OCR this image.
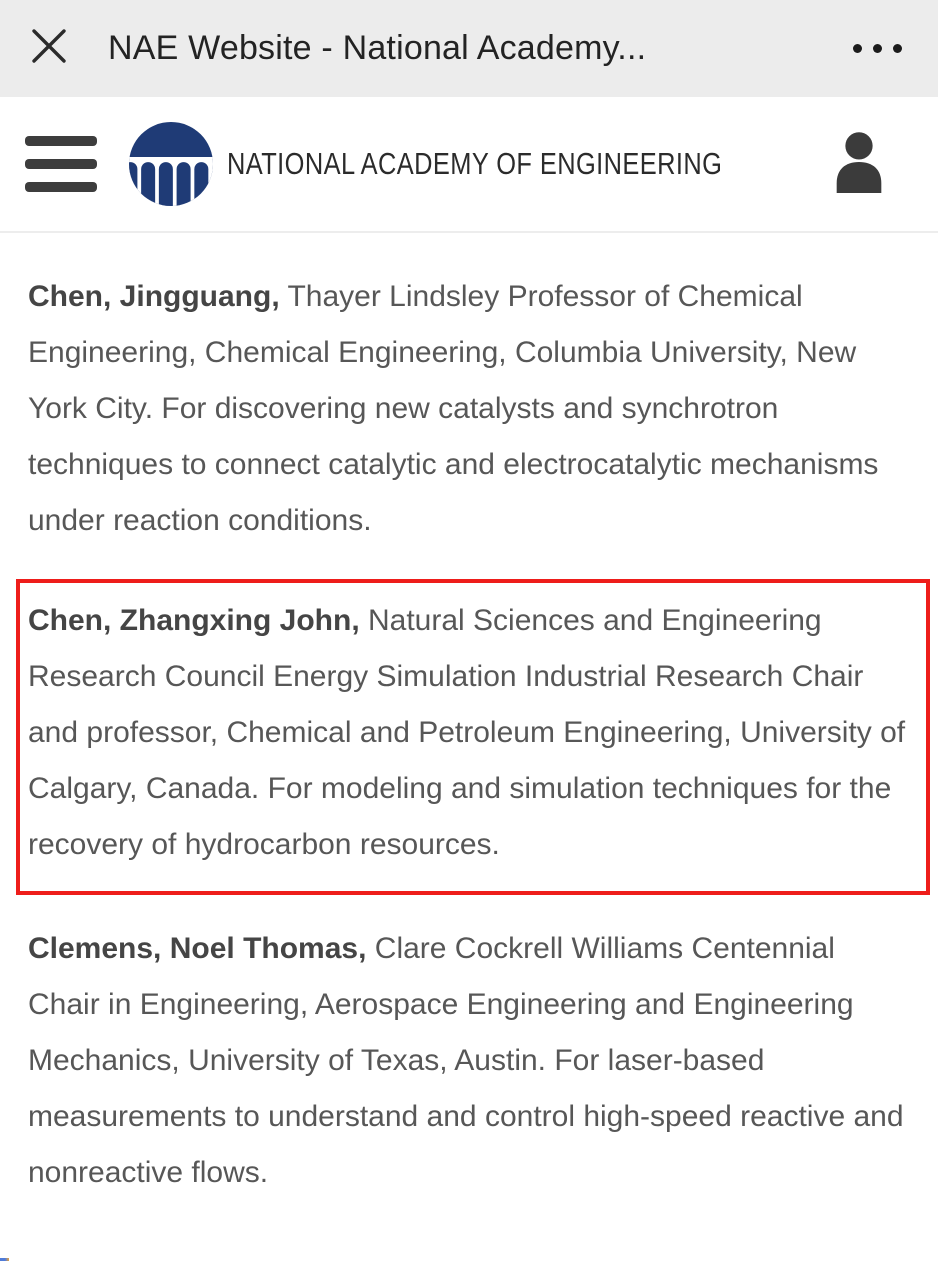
NAE Website - National Academy...
NATIONAL ACADEMY OF ENGINEERING

Chen, Jingguang, Thayer Lindsley Professor of Chemical Engineering, Chemical Engineering, Columbia University, New York City. For discovering new catalysts and synchrotron techniques to connect catalytic and electrocatalytic mechanisms under reaction conditions.

Chen, Zhangxing John, Natural Sciences and Engineering Research Council Energy Simulation Industrial Research Chair and professor, Chemical and Petroleum Engineering, University of Calgary, Canada. For modeling and simulation techniques for the recovery of hydrocarbon resources.

Clemens, Noel Thomas, Clare Cockrell Williams Centennial Chair in Engineering, Aerospace Engineering and Engineering Mechanics, University of Texas, Austin. For laser-based measurements to understand and control high-speed reactive and nonreactive flows.
